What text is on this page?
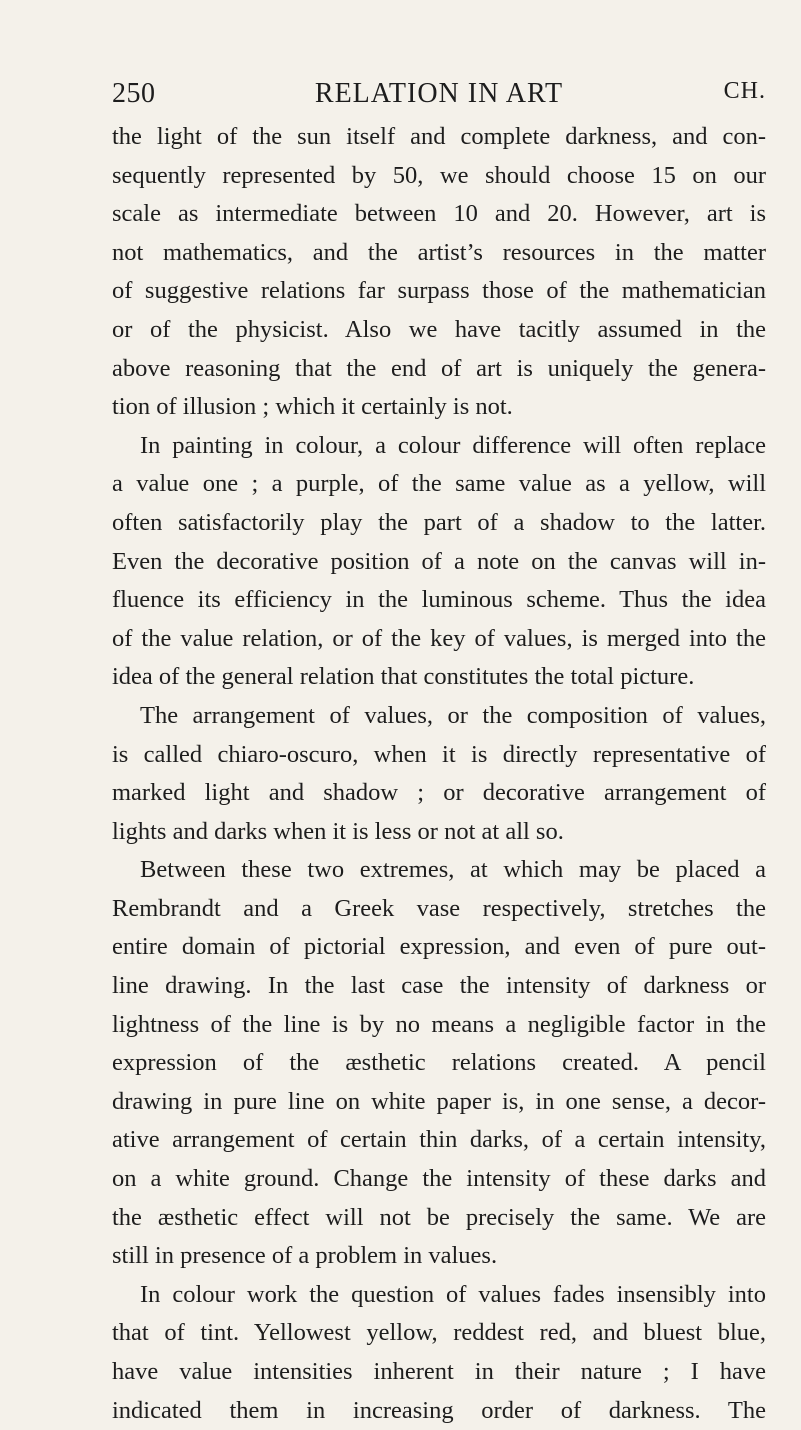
250	RELATION IN ART	CH.
the light of the sun itself and complete darkness, and con-
sequently represented by 50, we should choose 15 on our
scale as intermediate between 10 and 20. However, art is
not mathematics, and the artist’s resources in the matter
of suggestive relations far surpass those of the mathematician
or of the physicist. Also we have tacitly assumed in the
above reasoning that the end of art is uniquely the genera-
tion of illusion ; which it certainly is not.
In painting in colour, a colour difference will often replace
a value one ; a purple, of the same value as a yellow, will
often satisfactorily play the part of a shadow to the latter.
Even the decorative position of a note on the canvas will in-
fluence its efficiency in the luminous scheme. Thus the idea
of the value relation, or of the key of values, is merged into the
idea of the general relation that constitutes the total picture.
The arrangement of values, or the composition of values,
is called chiaro-oscuro, when it is directly representative of
marked light and shadow ; or decorative arrangement of
lights and darks when it is less or not at all so.
Between these two extremes, at which may be placed a
Rembrandt and a Greek vase respectively, stretches the
entire domain of pictorial expression, and even of pure out-
line drawing. In the last case the intensity of darkness or
lightness of the line is by no means a negligible factor in the
expression of the æsthetic relations created. A pencil
drawing in pure line on white paper is, in one sense, a decor-
ative arrangement of certain thin darks, of a certain intensity,
on a white ground. Change the intensity of these darks and
the æsthetic effect will not be precisely the same. We are
still in presence of a problem in values.
In colour work the question of values fades insensibly into
that of tint. Yellowest yellow, reddest red, and bluest blue,
have value intensities inherent in their nature ; I have
indicated them in increasing order of darkness. The
